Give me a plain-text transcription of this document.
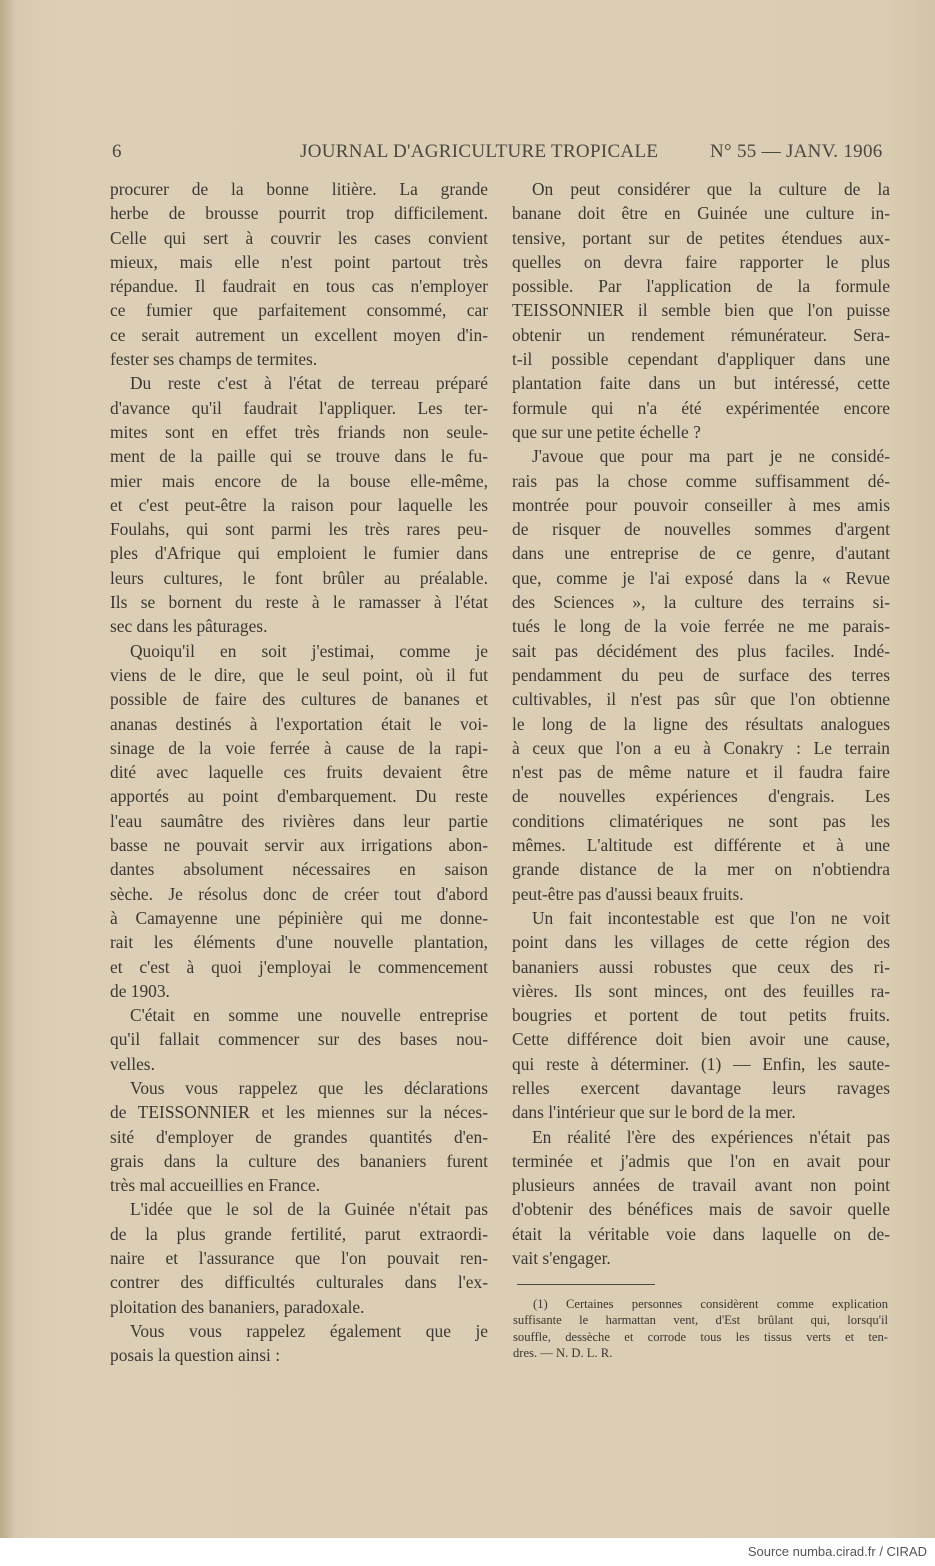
6	JOURNAL D'AGRICULTURE TROPICALE	N° 55 — JANV. 1906
procurer de la bonne litière. La grande
herbe de brousse pourrit trop difficilement.
Celle qui sert à couvrir les cases convient
mieux, mais elle n'est point partout très
répandue. Il faudrait en tous cas n'employer
ce fumier que parfaitement consommé, car
ce serait autrement un excellent moyen d'in-
fester ses champs de termites.
Du reste c'est à l'état de terreau préparé
d'avance qu'il faudrait l'appliquer. Les ter-
mites sont en effet très friands non seule-
ment de la paille qui se trouve dans le fu-
mier mais encore de la bouse elle-même,
et c'est peut-être la raison pour laquelle les
Foulahs, qui sont parmi les très rares peu-
ples d'Afrique qui emploient le fumier dans
leurs cultures, le font brûler au préalable.
Ils se bornent du reste à le ramasser à l'état
sec dans les pâturages.
Quoiqu'il en soit j'estimai, comme je
viens de le dire, que le seul point, où il fut
possible de faire des cultures de bananes et
ananas destinés à l'exportation était le voi-
sinage de la voie ferrée à cause de la rapi-
dité avec laquelle ces fruits devaient être
apportés au point d'embarquement. Du reste
l'eau saumâtre des rivières dans leur partie
basse ne pouvait servir aux irrigations abon-
dantes absolument nécessaires en saison
sèche. Je résolus donc de créer tout d'abord
à Camayenne une pépinière qui me donne-
rait les éléments d'une nouvelle plantation,
et c'est à quoi j'employai le commencement
de 1903.
C'était en somme une nouvelle entreprise
qu'il fallait commencer sur des bases nou-
velles.
Vous vous rappelez que les déclarations
de TEISSONNIER et les miennes sur la néces-
sité d'employer de grandes quantités d'en-
grais dans la culture des bananiers furent
très mal accueillies en France.
L'idée que le sol de la Guinée n'était pas
de la plus grande fertilité, parut extraordi-
naire et l'assurance que l'on pouvait ren-
contrer des difficultés culturales dans l'ex-
ploitation des bananiers, paradoxale.
Vous vous rappelez également que je
posais la question ainsi :
On peut considérer que la culture de la
banane doit être en Guinée une culture in-
tensive, portant sur de petites étendues aux-
quelles on devra faire rapporter le plus
possible. Par l'application de la formule
TEISSONNIER il semble bien que l'on puisse
obtenir un rendement rémunérateur. Sera-
t-il possible cependant d'appliquer dans une
plantation faite dans un but intéressé, cette
formule qui n'a été expérimentée encore
que sur une petite échelle ?
J'avoue que pour ma part je ne considé-
rais pas la chose comme suffisamment dé-
montrée pour pouvoir conseiller à mes amis
de risquer de nouvelles sommes d'argent
dans une entreprise de ce genre, d'autant
que, comme je l'ai exposé dans la « Revue
des Sciences », la culture des terrains si-
tués le long de la voie ferrée ne me parais-
sait pas décidément des plus faciles. Indé-
pendamment du peu de surface des terres
cultivables, il n'est pas sûr que l'on obtienne
le long de la ligne des résultats analogues
à ceux que l'on a eu à Conakry : Le terrain
n'est pas de même nature et il faudra faire
de nouvelles expériences d'engrais. Les
conditions climatériques ne sont pas les
mêmes. L'altitude est différente et à une
grande distance de la mer on n'obtiendra
peut-être pas d'aussi beaux fruits.
Un fait incontestable est que l'on ne voit
point dans les villages de cette région des
bananiers aussi robustes que ceux des ri-
vières. Ils sont minces, ont des feuilles ra-
bougries et portent de tout petits fruits.
Cette différence doit bien avoir une cause,
qui reste à déterminer. (1) — Enfin, les saute-
relles exercent davantage leurs ravages
dans l'intérieur que sur le bord de la mer.
En réalité l'ère des expériences n'était pas
terminée et j'admis que l'on en avait pour
plusieurs années de travail avant non point
d'obtenir des bénéfices mais de savoir quelle
était la véritable voie dans laquelle on de-
vait s'engager.
(1) Certaines personnes considèrent comme explication
suffisante le harmattan vent, d'Est brûlant qui, lorsqu'il
souffle, dessèche et corrode tous les tissus verts et ten-
dres. — N. D. L. R.
Source numba.cirad.fr / CIRAD
